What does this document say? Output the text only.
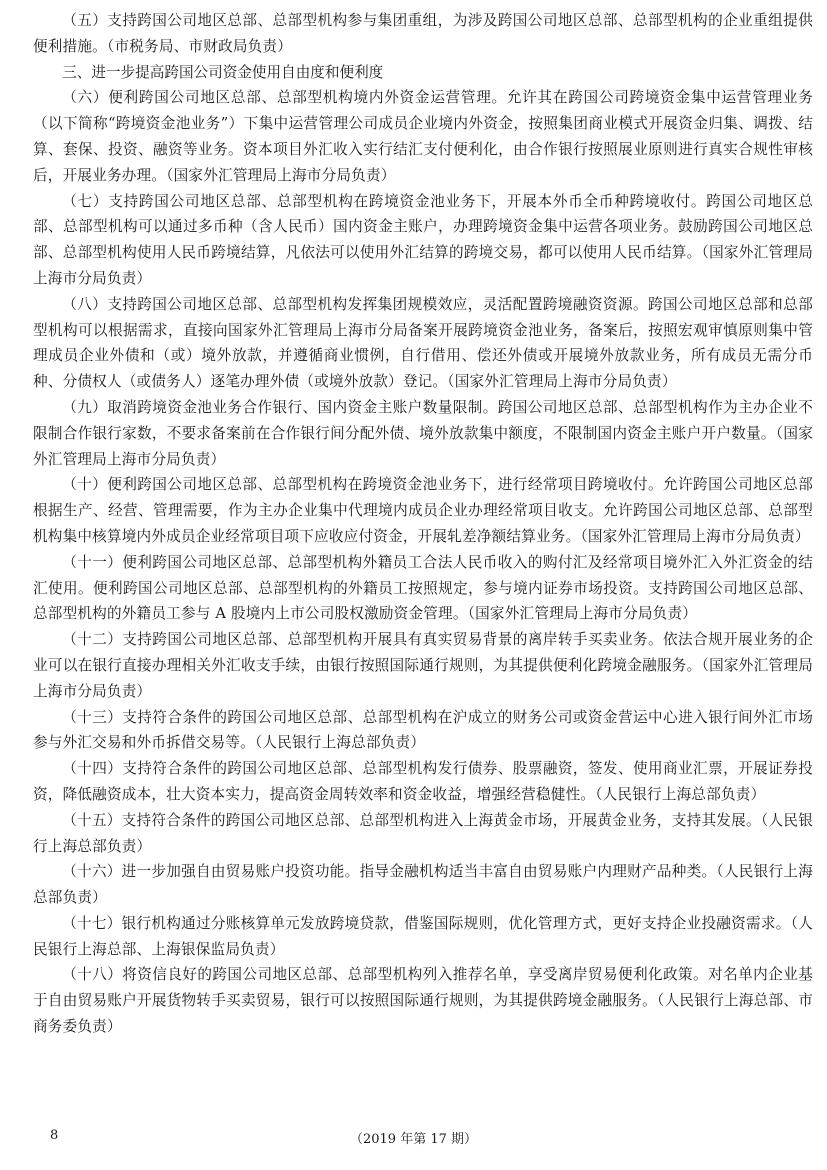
（五）支持跨国公司地区总部、总部型机构参与集团重组，为涉及跨国公司地区总部、总部型机构的企业重组提供便利措施。（市税务局、市财政局负责）

三、进一步提高跨国公司资金使用自由度和便利度

（六）便利跨国公司地区总部、总部型机构境内外资金运营管理。允许其在跨国公司跨境资金集中运营管理业务（以下简称“跨境资金池业务”）下集中运营管理公司成员企业境内外资金，按照集团商业模式开展资金归集、调拨、结算、套保、投资、融资等业务。资本项目外汇收入实行结汇支付便利化，由合作银行按照展业原则进行真实合规性审核后，开展业务办理。（国家外汇管理局上海市分局负责）

（七）支持跨国公司地区总部、总部型机构在跨境资金池业务下，开展本外币全币种跨境收付。跨国公司地区总部、总部型机构可以通过多币种（含人民币）国内资金主账户，办理跨境资金集中运营各项业务。鼓励跨国公司地区总部、总部型机构使用人民币跨境结算，凡依法可以使用外汇结算的跨境交易，都可以使用人民币结算。（国家外汇管理局上海市分局负责）

（八）支持跨国公司地区总部、总部型机构发挥集团规模效应，灵活配置跨境融资资源。跨国公司地区总部和总部型机构可以根据需求，直接向国家外汇管理局上海市分局备案开展跨境资金池业务，备案后，按照宏观审慎原则集中管理成员企业外债和（或）境外放款，并遵循商业惯例，自行借用、偿还外债或开展境外放款业务，所有成员无需分币种、分债权人（或债务人）逐笔办理外债（或境外放款）登记。（国家外汇管理局上海市分局负责）

（九）取消跨境资金池业务合作银行、国内资金主账户数量限制。跨国公司地区总部、总部型机构作为主办企业不限制合作银行家数，不要求备案前在合作银行间分配外债、境外放款集中额度，不限制国内资金主账户开户数量。（国家外汇管理局上海市分局负责）

（十）便利跨国公司地区总部、总部型机构在跨境资金池业务下，进行经常项目跨境收付。允许跨国公司地区总部根据生产、经营、管理需要，作为主办企业集中代理境内成员企业办理经常项目收支。允许跨国公司地区总部、总部型机构集中核算境内外成员企业经常项目项下应收应付资金，开展轧差净额结算业务。（国家外汇管理局上海市分局负责）

（十一）便利跨国公司地区总部、总部型机构外籍员工合法人民币收入的购付汇及经常项目境外汇入外汇资金的结汇使用。便利跨国公司地区总部、总部型机构的外籍员工按照规定，参与境内证券市场投资。支持跨国公司地区总部、总部型机构的外籍员工参与 A 股境内上市公司股权激励资金管理。（国家外汇管理局上海市分局负责）

（十二）支持跨国公司地区总部、总部型机构开展具有真实贸易背景的离岸转手买卖业务。依法合规开展业务的企业可以在银行直接办理相关外汇收支手续，由银行按照国际通行规则，为其提供便利化跨境金融服务。（国家外汇管理局上海市分局负责）

（十三）支持符合条件的跨国公司地区总部、总部型机构在沪成立的财务公司或资金营运中心进入银行间外汇市场参与外汇交易和外币拆借交易等。（人民银行上海总部负责）

（十四）支持符合条件的跨国公司地区总部、总部型机构发行债券、股票融资，签发、使用商业汇票，开展证券投资，降低融资成本，壮大资本实力，提高资金周转效率和资金收益，增强经营稳健性。（人民银行上海总部负责）

（十五）支持符合条件的跨国公司地区总部、总部型机构进入上海黄金市场，开展黄金业务，支持其发展。（人民银行上海总部负责）

（十六）进一步加强自由贸易账户投资功能。指导金融机构适当丰富自由贸易账户内理财产品种类。（人民银行上海总部负责）

（十七）银行机构通过分账核算单元发放跨境贷款，借鉴国际规则，优化管理方式，更好支持企业投融资需求。（人民银行上海总部、上海银保监局负责）

（十八）将资信良好的跨国公司地区总部、总部型机构列入推荐名单，享受离岸贸易便利化政策。对名单内企业基于自由贸易账户开展货物转手买卖贸易，银行可以按照国际通行规则，为其提供跨境金融服务。（人民银行上海总部、市商务委负责）

8	（2019 年第 17 期）
